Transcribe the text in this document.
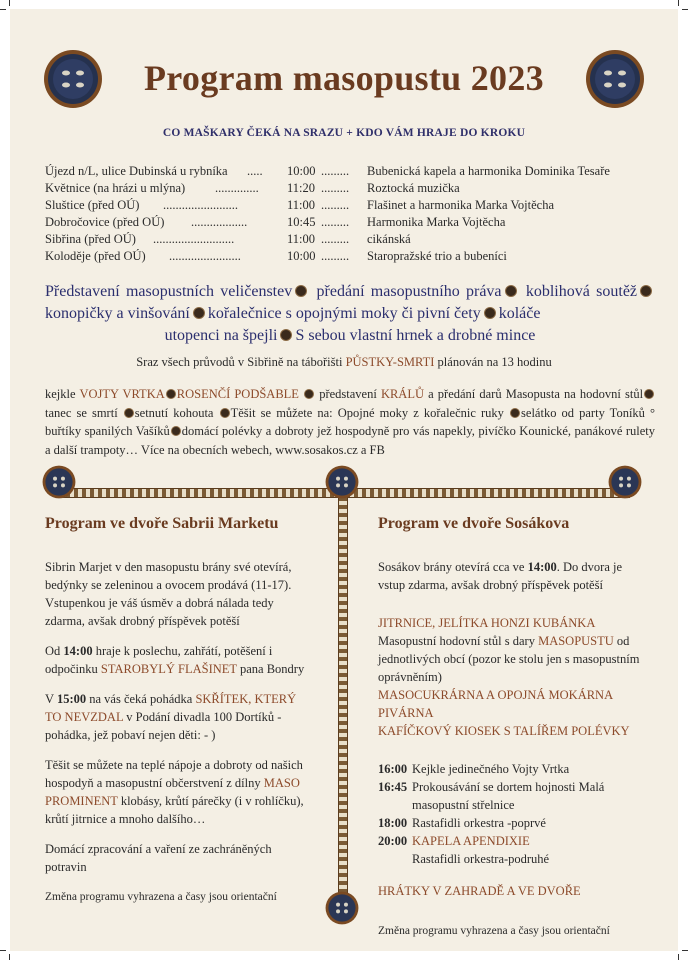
Program masopustu 2023
CO MAŠKARY ČEKÁ NA SRAZU + KDO VÁM HRAJE DO KROKU
Újezd n/L, ulice Dubinská u rybníka ..... 10:00 ......... Bubenická kapela a harmonika Dominika Tesaře
Květnice (na hrázi u mlýna) .............. 11:20 ......... Roztocká muzička
Sluštice (před OÚ) ........................	11:00 ......... Flašinet a harmonika Marka Vojtěcha
Dobročovice (před OÚ) ..................	10:45 ......... Harmonika Marka Vojtěcha
Sibřina (před OÚ) ..........................	11:00 ......... cikánská
Koloděje (před OÚ) .......................	10:00 ......... Staropražské trio a bubeníci
Představení masopustních veličenstev předání masopustního práva koblihová soutěžkonopičky a vinšování kořalečnice s opojnými moky či pivní čety koláče
utopenci na špejli S sebou vlastní hrnek a drobné mince
Sraz všech průvodů v Sibřině na tábořišti PŮSTKY-SMRTI plánován na 13 hodinu
kejkle VOJTY VRTKA ROSENČÍ PODŠABLE představení KRÁLŮ a předání darů Masopusta na hodovní stůltanec se smrtí setnutí kohouta Těšit se můžete na: Opojné moky z kořalečnic ruky selátko od party Toníků ° buřtíky spanilých Vašíků domácí polévky a dobroty jež hospodyně pro vás napekly, pivíčko Kounické, panákové rulety a další trampoty… Více na obecních webech, www.sosakos.cz a FB
Program ve dvoře Sabrii Marketu

Sibrin Marjet v den masopustu brány své otevírá, bedýnky se zeleninou a ovocem prodává (11-17). Vstupenkou je váš úsměv a dobrá nálada tedy zdarma, avšak drobný příspěvek potěší

Od 14:00 hraje k poslechu, zahřátí, potěšení i odpočinku STAROBYLÝ FLAŠINET pana Bondry

V 15:00 na vás čeká pohádka SKŘÍTEK, KTERÝ TO NEVZDAL v Podání divadla 100 Dortíků - pohádka, jež pobaví nejen děti: - )

Těšit se můžete na teplé nápoje a dobroty od našich hospodyň a masopustní občerstvení z dílny MASO PROMINENT klobásy, krůtí párečky (i v rohlíčku), krůtí jitrnice a mnoho dalšího…

Domácí zpracování a vaření ze zachráněných potravin

Změna programu vyhrazena a časy jsou orientační

Program ve dvoře Sosákova

Sosákov brány otevírá cca ve 14:00. Do dvora je vstup zdarma, avšak drobný příspěvek potěší

JITRNICE, JELÍTKA HONZI KUBÁNKA
Masopustní hodovní stůl s dary MASOPUSTU od jednotlivých obcí (pozor ke stolu jen s masopustním oprávněním)
MASOCUKRÁRNA A OPOJNÁ MOKÁRNA
PIVÁRNA
KAFÍČKOVÝ KIOSEK S TALÍŘEM POLÉVKY

16:00 Kejkle jedinečného Vojty Vrtka
16:45 Prokousávání se dortem hojnosti Malá masopustní střelnice
18:00 Rastafidli orkestra -poprvé
20:00 KAPELA APENDIXIE
Rastafidli orkestra-podruhé

HRÁTKY V ZAHRADĚ A VE DVOŘE

Změna programu vyhrazena a časy jsou orientační
